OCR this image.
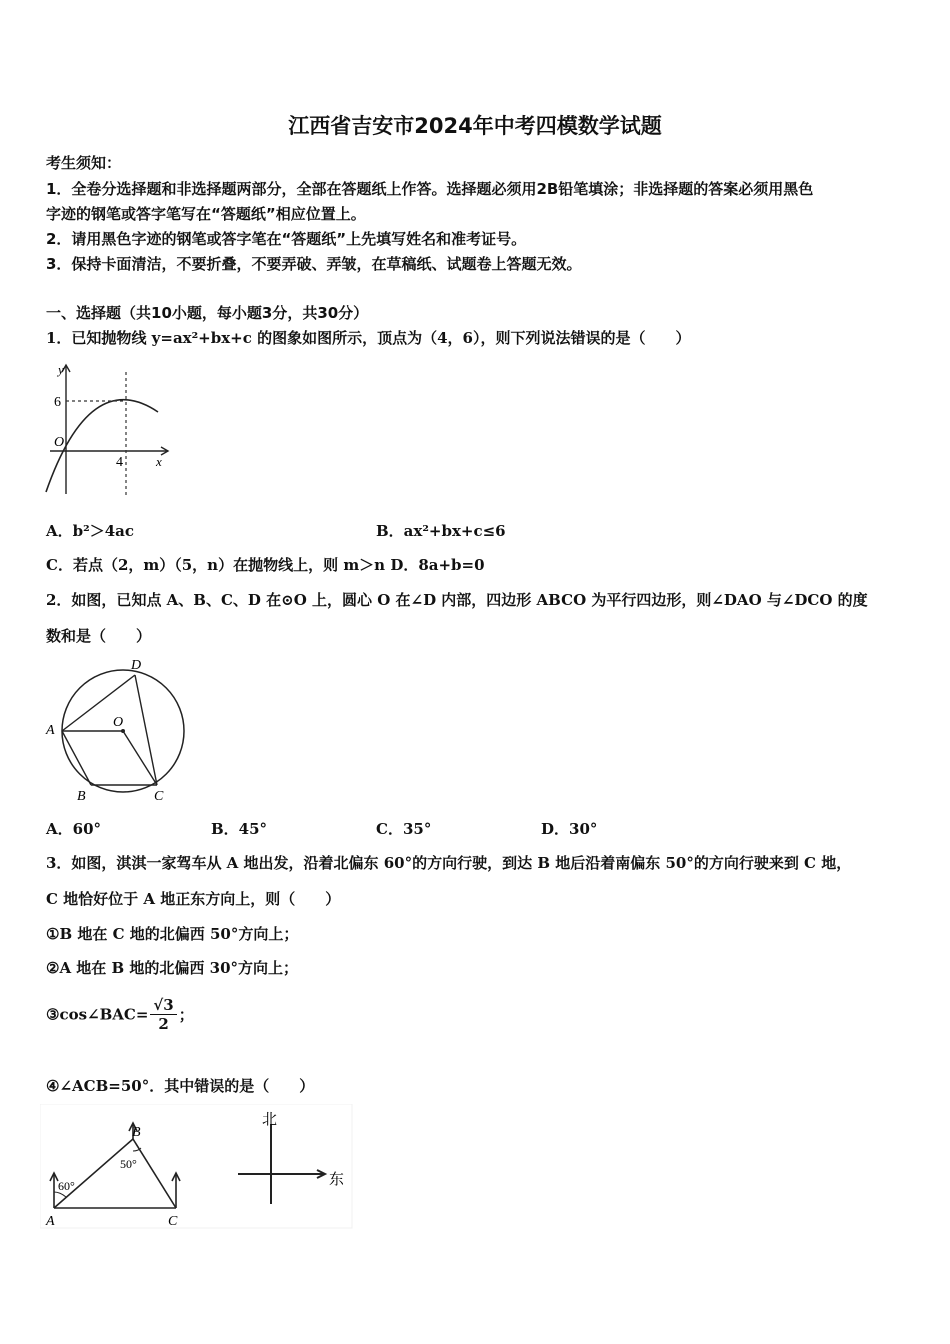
江西省吉安市2024年中考四模数学试题
考生须知：
1．全卷分选择题和非选择题两部分，全部在答题纸上作答。选择题必须用2B铅笔填涂；非选择题的答案必须用黑色
字迹的钢笔或答字笔写在“答题纸”相应位置上。
2．请用黑色字迹的钢笔或答字笔在“答题纸”上先填写姓名和准考证号。
3．保持卡面清洁，不要折叠，不要弄破、弄皱，在草稿纸、试题卷上答题无效。
一、选择题（共10小题，每小题3分，共30分）
1．已知抛物线 y=ax²+bx+c 的图象如图所示，顶点为（4，6），则下列说法错误的是（　　）
y
x
O
6
4
A．b²＞4ac	B．ax²+bx+c≤6
C．若点（2，m）（5，n）在抛物线上，则 m＞n D．8a+b=0
2．如图，已知点 A、B、C、D 在⊙O 上，圆心 O 在∠D 内部，四边形 ABCO 为平行四边形，则∠DAO 与∠DCO 的度
数和是（　　）
A
B	C
D
O
A．60°	B．45°	C．35°	D．30°
3．如图，淇淇一家驾车从 A 地出发，沿着北偏东 60°的方向行驶，到达 B 地后沿着南偏东 50°的方向行驶来到 C 地，
C 地恰好位于 A 地正东方向上，则（　　）
①B 地在 C 地的北偏西 50°方向上；
②A 地在 B 地的北偏西 30°方向上；
③cos∠BAC= $\frac{√3}{2}$ ；
④∠ACB=50°．其中错误的是（　　）
A
B
C
60°
50°
北
东
